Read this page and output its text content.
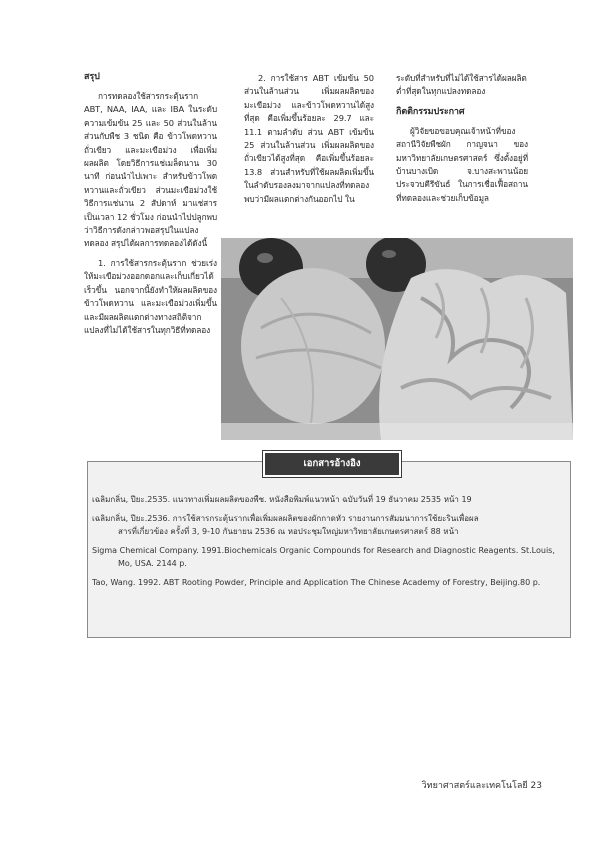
สรุป

การทดลองใช้สารกระตุ้นราก ABT, NAA, IAA, และ IBA ในระดับความเข้มข้น 25 และ 50 ส่วนในล้านส่วนกับพืช 3 ชนิด คือ ข้าวโพดหวาน ถั่วเขียว และมะเขือม่วง เพื่อเพิ่มผลผลิต โดยวิธีการแช่เมล็ดนาน 30 นาที ก่อนนำไปเพาะ สำหรับข้าวโพดหวานและถั่วเขียว ส่วนมะเขือม่วงใช้วิธีการแช่นาน 2 สัปดาห์ มาแช่สารเป็นเวลา 12 ชั่วโมง ก่อนนำไปปลูกพบว่าวิธีการดังกล่าวพอสรุปในแปลงทดลอง สรุปได้ผลการทดลองได้ดังนี้

1. การใช้สารกระตุ้นราก ช่วยเร่งให้มะเขือม่วงออกดอกและเก็บเกี่ยวได้เร็วขึ้น นอกจากนี้ยังทำให้ผลผลิตของข้าวโพดหวาน และมะเขือม่วงเพิ่มขึ้น และมีผลผลิตแตกต่างทางสถิติจากแปลงที่ไม่ได้ใช้สารในทุกวิธีที่ทดลอง

2. การใช้สาร ABT เข้มข้น 50 ส่วนในล้านส่วน เพิ่มผลผลิตของมะเขือม่วง และข้าวโพดหวานได้สูงที่สุด คือเพิ่มขึ้นร้อยละ 29.7 และ 11.1 ตามลำดับ ส่วน ABT เข้มข้น 25 ส่วนในล้านส่วน เพิ่มผลผลิตของถั่วเขียวได้สูงที่สุด คือเพิ่มขึ้นร้อยละ 13.8 ส่วนสำหรับที่ใช้ผลผลิตเพิ่มขึ้นในลำดับรองลงมาจากแปลงที่ทดลองพบว่ามีผลแตกต่างกันออกไป ใน

ระดับที่สำหรับที่ไม่ได้ใช้สารได้ผลผลิตต่ำที่สุดในทุกแปลงทดลอง

กิตติกรรมประกาศ

ผู้วิจัยขอขอบคุณเจ้าหน้าที่ของสถานีวิจัยพืชผัก กาญจนา ของมหาวิทยาลัยเกษตรศาสตร์ ซึ่งตั้งอยู่ที่บ้านบางเบิด จ.บางสะพานน้อย ประจวบคีรีขันธ์ ในการเชื่อเฟื้อสถานที่ทดลองและช่วยเก็บข้อมูล

เอกสารอ้างอิง
เฉลิมกลิ่น, ปียะ.2535. แนวทางเพิ่มผลผลิตของพืช. หนังสือพิมพ์แนวหน้า ฉบับวันที่ 19 ธันวาคม 2535 หน้า 19
เฉลิมกลิ่น, ปียะ.2536. การใช้สารกระตุ้นรากเพื่อเพิ่มผลผลิตของผักกาดหัว รายงานการสัมมนาการใช้ยะรินเพื่อผล
สารที่เกี่ยวข้อง ครั้งที่ 3, 9-10 กันยายน 2536 ณ หอประชุมใหญ่มหาวิทยาลัยเกษตรศาสตร์ 88 หน้า
Sigma Chemical Company. 1991.Biochemicals Organic Compounds for Research and Diagnostic Reagents. St.Louis,
Mo, USA. 2144 p.
Tao, Wang. 1992. ABT Rooting Powder, Principle and Application The Chinese Academy of Forestry, Beijing.80 p.
วิทยาศาสตร์และเทคโนโลยี 23
